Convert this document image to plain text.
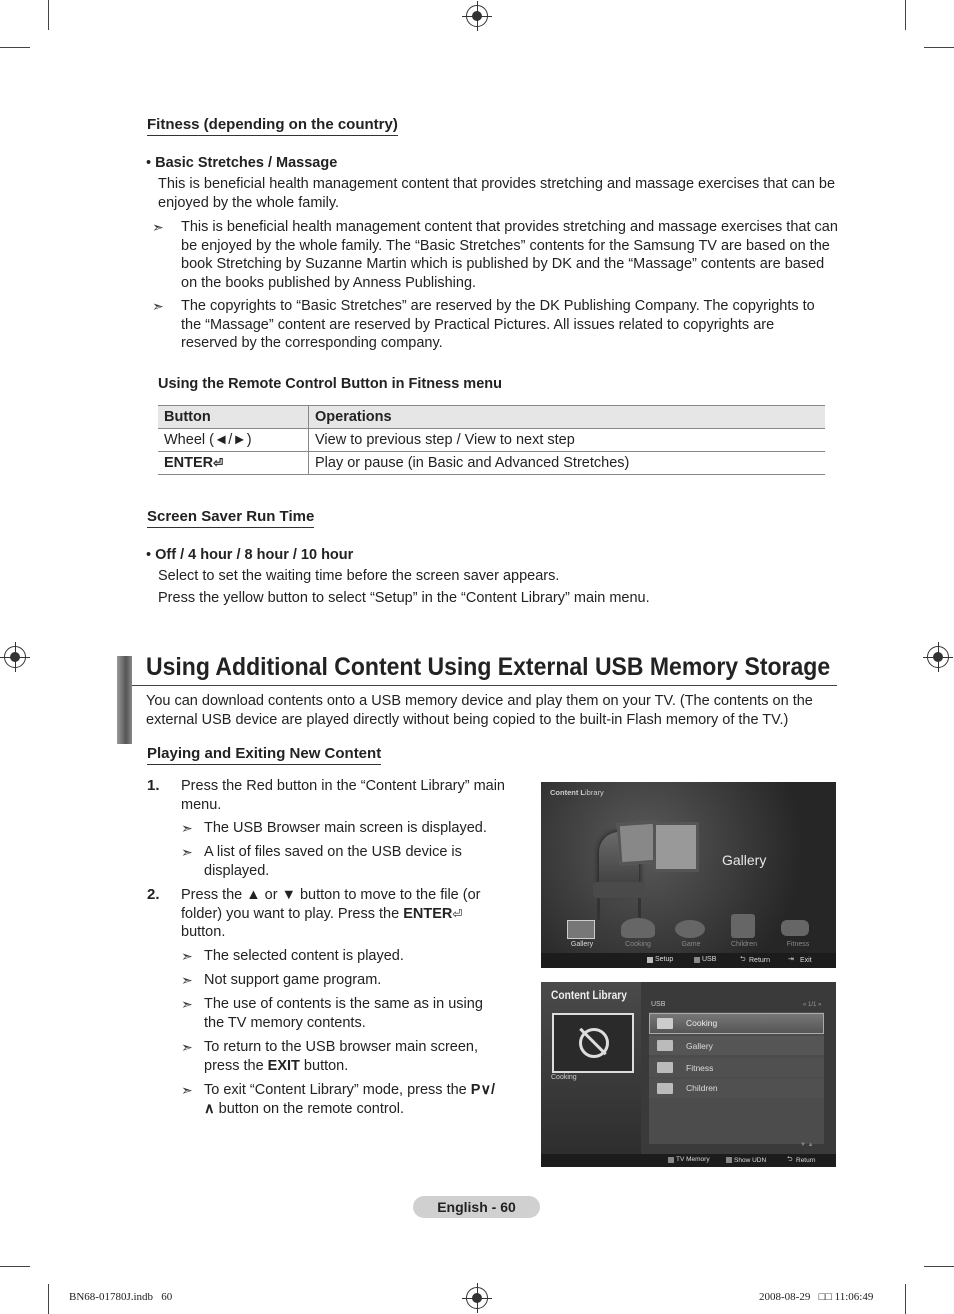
Fitness (depending on the country)
• Basic Stretches / Massage
This is beneficial health management content that provides stretching and massage exercises that can be enjoyed by the whole family.
➣ This is beneficial health management content that provides stretching and massage exercises that can be enjoyed by the whole family. The “Basic Stretches” contents for the Samsung TV are based on the book Stretching by Suzanne Martin which is published by DK and the “Massage” contents are based on the books published by Anness Publishing.
➣ The copyrights to “Basic Stretches” are reserved by the DK Publishing Company. The copyrights to the “Massage” content are reserved by Practical Pictures. All issues related to copyrights are reserved by the corresponding company.
Using the Remote Control Button in Fitness menu
Button	Operations
Wheel (◄/►)	View to previous step / View to next step
ENTER⏎	Play or pause (in Basic and Advanced Stretches)
Screen Saver Run Time
• Off / 4 hour / 8 hour / 10 hour
Select to set the waiting time before the screen saver appears.
Press the yellow button to select “Setup” in the “Content Library” main menu.
Using Additional Content Using External USB Memory Storage
You can download contents onto a USB memory device and play them on your TV. (The contents on the external USB device are played directly without being copied to the built-in Flash memory of the TV.)
Playing and Exiting New Content
1. Press the Red button in the “Content Library” main menu.
➣ The USB Browser main screen is displayed.
➣ A list of files saved on the USB device is displayed.
2. Press the ▲ or ▼ button to move to the file (or folder) you want to play. Press the ENTER⏎ button.
➣ The selected content is played.
➣ Not support game program.
➣ The use of contents is the same as in using the TV memory contents.
➣ To return to the USB browser main screen, press the EXIT button.
➣ To exit “Content Library” mode, press the P∨/∧ button on the remote control.
Content Library
Gallery
Gallery	Cooking	Game	Children	Fitness
Setup	USB	⮌ Return	⇥ Exit
Content Library
Cooking
USB	« 1/1 »
Cooking
Gallery
Fitness
Children
▼ ▲
TV Memory	Show UDN	⮌ Return
English - 60
BN68-01780J.indb   60	2008-08-29   □□ 11:06:49
